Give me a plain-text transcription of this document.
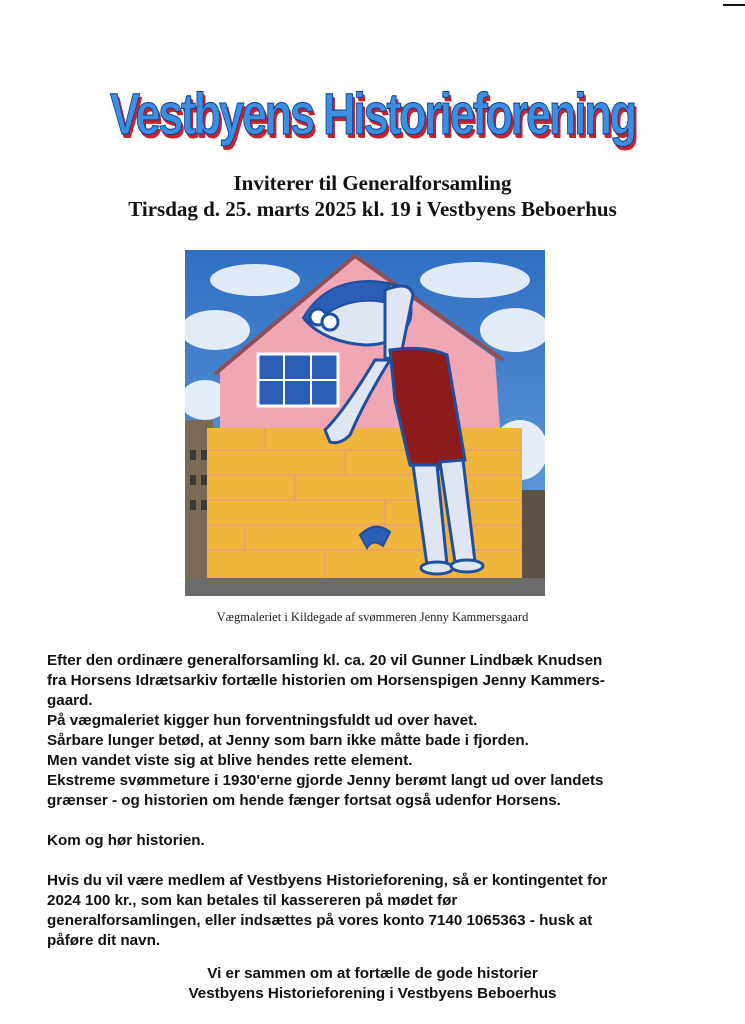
Vestbyens Historieforening
Inviterer til Generalforsamling
Tirsdag d. 25. marts 2025 kl. 19 i Vestbyens Beboerhus
Vægmaleriet i Kildegade af svømmeren Jenny Kammersgaard

Efter den ordinære generalforsamling kl. ca. 20 vil Gunner Lindbæk Knudsen

fra Horsens Idrætsarkiv fortælle historien om Horsenspigen Jenny Kammers-

gaard.

På vægmaleriet kigger hun forventningsfuldt ud over havet.

Sårbare lunger betød, at Jenny som barn ikke måtte bade i fjorden.

Men vandet viste sig at blive hendes rette element.

Ekstreme svømmeture i 1930'erne gjorde Jenny berømt langt ud over landets

grænser - og historien om hende fænger fortsat også udenfor Horsens.

Kom og hør historien.

Hvis du vil være medlem af Vestbyens Historieforening, så er kontingentet for

2024 100 kr., som kan betales til kassereren på mødet før

generalforsamlingen, eller indsættes på vores konto 7140 1065363 - husk at

påføre dit navn.

Vi er sammen om at fortælle de gode historier
Vestbyens Historieforening i Vestbyens Beboerhus
